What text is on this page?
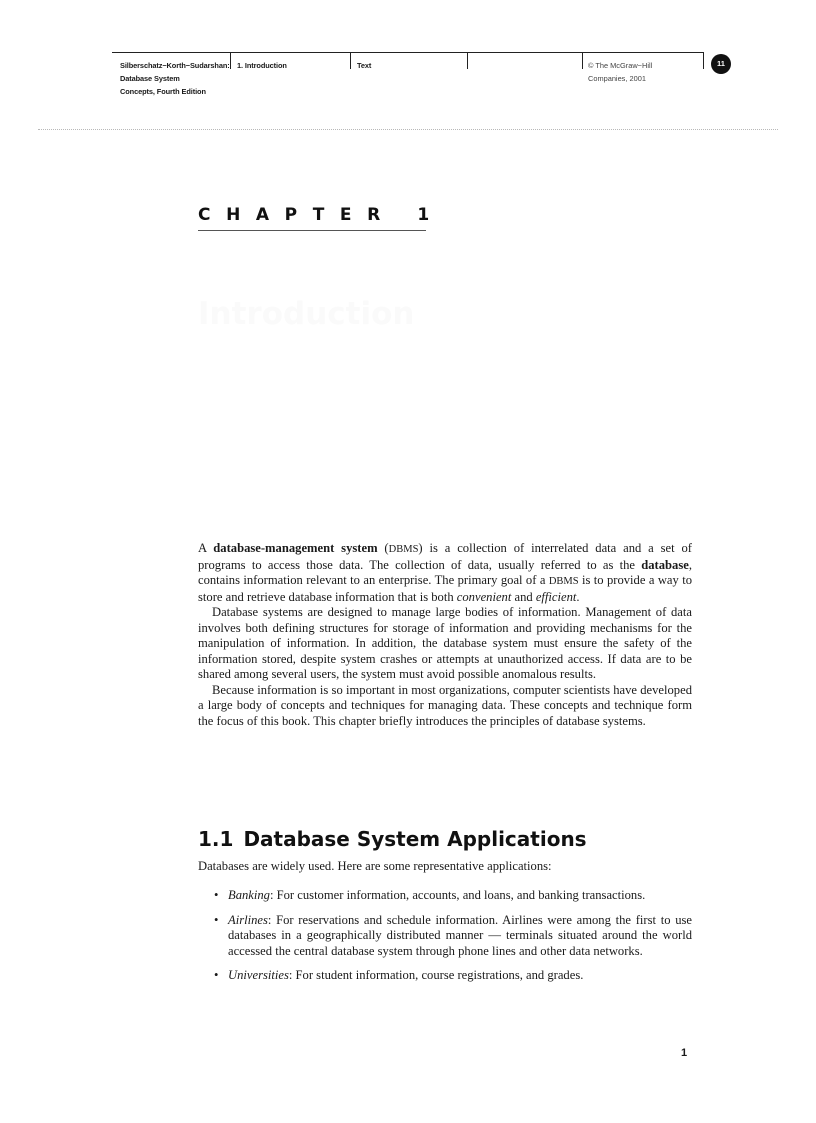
Silberschatz−Korth−Sudarshan:
Database System
Concepts, Fourth Edition
1. Introduction	Text	© The McGraw−Hill
Companies, 2001
11
CHAPTER 1
Introduction

A database-management system (DBMS) is a collection of interrelated data and a set of programs to access those data. The collection of data, usually referred to as the database, contains information relevant to an enterprise. The primary goal of a DBMS is to provide a way to store and retrieve database information that is both convenient and efficient.

Database systems are designed to manage large bodies of information. Management of data involves both defining structures for storage of information and providing mechanisms for the manipulation of information. In addition, the database system must ensure the safety of the information stored, despite system crashes or attempts at unauthorized access. If data are to be shared among several users, the system must avoid possible anomalous results.

Because information is so important in most organizations, computer scientists have developed a large body of concepts and techniques for managing data. These concepts and technique form the focus of this book. This chapter briefly introduces the principles of database systems.

1.1 Database System Applications
Databases are widely used. Here are some representative applications:
• Banking: For customer information, accounts, and loans, and banking transactions.
• Airlines: For reservations and schedule information. Airlines were among the first to use databases in a geographically distributed manner — terminals situated around the world accessed the central database system through phone lines and other data networks.
• Universities: For student information, course registrations, and grades.
1
